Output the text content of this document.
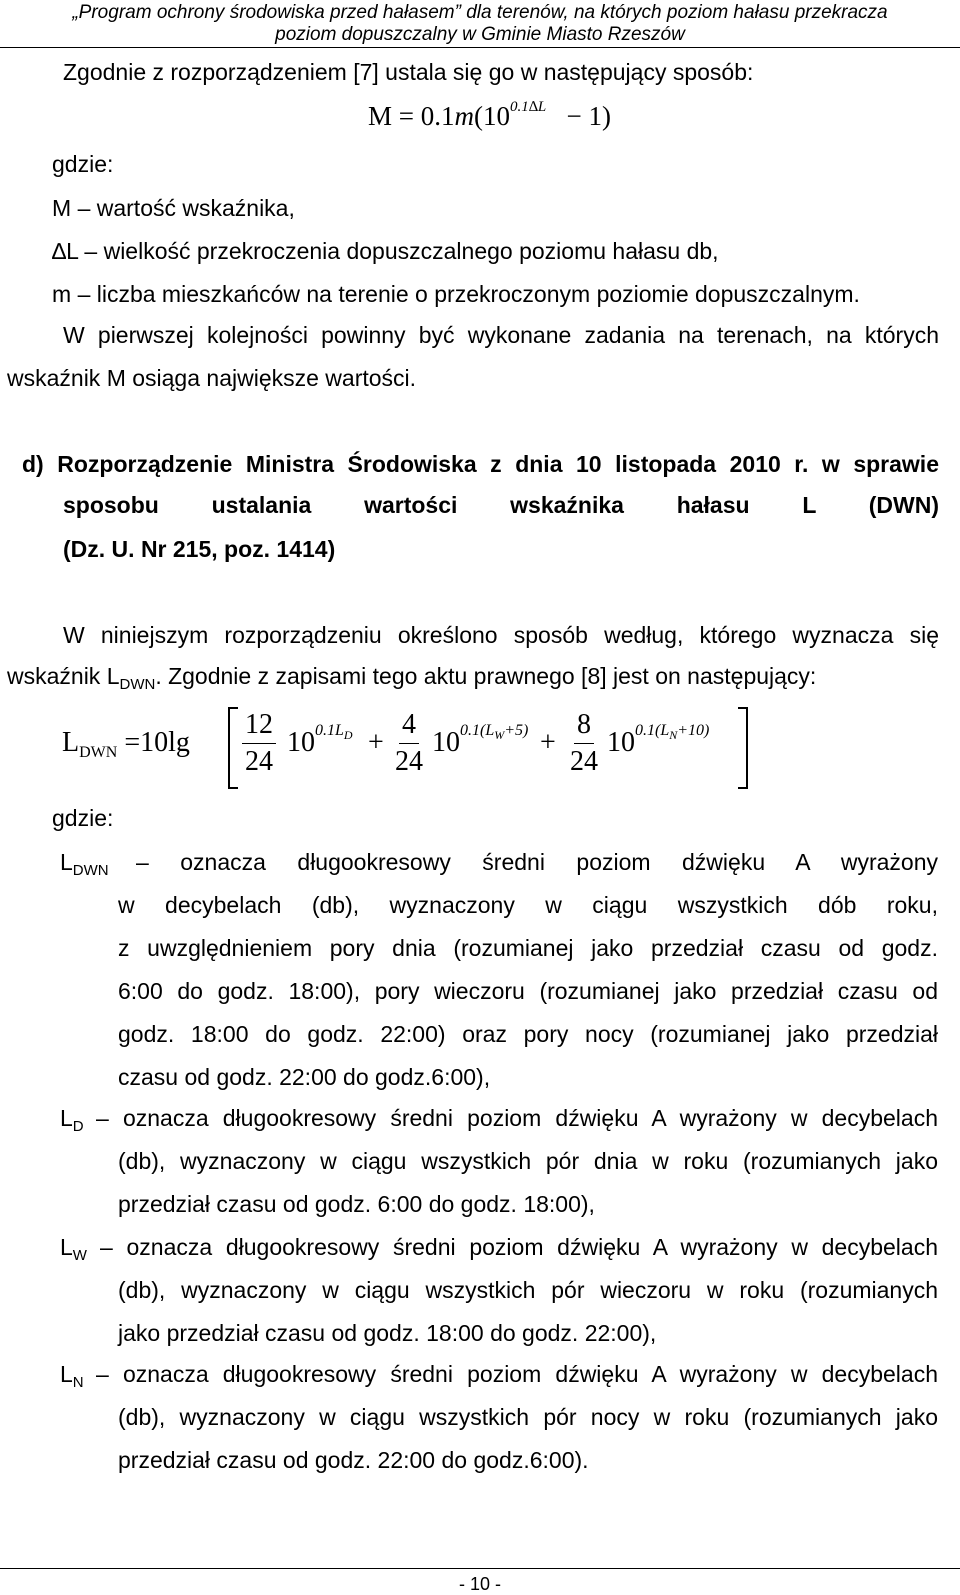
„Program ochrony środowiska przed hałasem” dla terenów, na których poziom hałasu przekracza
poziom dopuszczalny w Gminie Miasto Rzeszów
Zgodnie z rozporządzeniem [7] ustala się go w następujący sposób:
$M = 0.1m(10^{0.1\Delta L} - 1)$
gdzie:
M – wartość wskaźnika,
∆L – wielkość przekroczenia dopuszczalnego poziomu hałasu db,
m – liczba mieszkańców na terenie o przekroczonym poziomie dopuszczalnym.
W pierwszej kolejności powinny być wykonane zadania na terenach, na których
wskaźnik M osiąga największe wartości.
d) Rozporządzenie Ministra Środowiska z dnia 10 listopada 2010 r. w sprawie
sposobu ustalania wartości wskaźnika hałasu L (DWN)
(Dz. U. Nr 215, poz. 1414)
W niniejszym rozporządzeniu określono sposób według, którego wyznacza się
wskaźnik $L_{DWN}$. Zgodnie z zapisami tego aktu prawnego [8] jest on następujący:
$L_{DWN} =10\lg \frac{12}{24} 10^{0.1L_D} + \frac{4}{24} 10^{0.1(L_W+5)} + \frac{8}{24} 10^{0.1(L_N+10)}$
gdzie:
$L_{DWN}$ – oznacza długookresowy średni poziom dźwięku A wyrażony
w decybelach (db), wyznaczony w ciągu wszystkich dób roku,
z uwzględnieniem pory dnia (rozumianej jako przedział czasu od godz.
6:00 do godz. 18:00), pory wieczoru (rozumianej jako przedział czasu od
godz. 18:00 do godz. 22:00) oraz pory nocy (rozumianej jako przedział
czasu od godz. 22:00 do godz.6:00),
$L_D$ – oznacza długookresowy średni poziom dźwięku A wyrażony w decybelach
(db), wyznaczony w ciągu wszystkich pór dnia w roku (rozumianych jako
przedział czasu od godz. 6:00 do godz. 18:00),
$L_W$ – oznacza długookresowy średni poziom dźwięku A wyrażony w decybelach
(db), wyznaczony w ciągu wszystkich pór wieczoru w roku (rozumianych
jako przedział czasu od godz. 18:00 do godz. 22:00),
$L_N$ – oznacza długookresowy średni poziom dźwięku A wyrażony w decybelach
(db), wyznaczony w ciągu wszystkich pór nocy w roku (rozumianych jako
przedział czasu od godz. 22:00 do godz.6:00).
- 10 -
